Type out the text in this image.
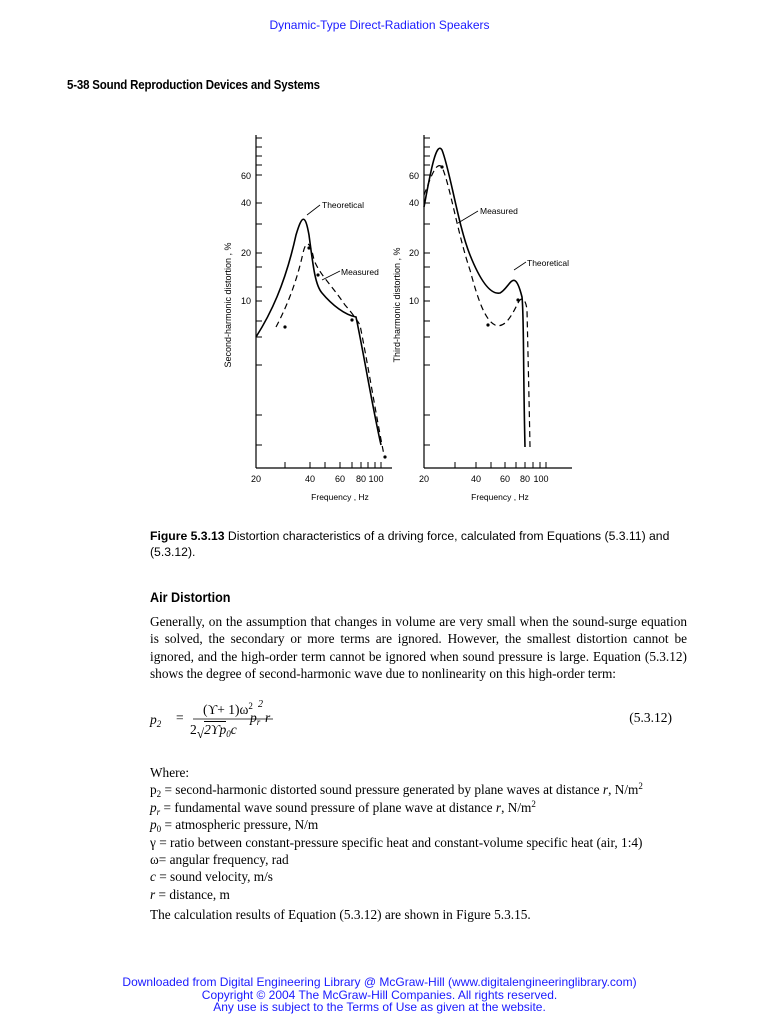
Dynamic-Type Direct-Radiation Speakers
5-38 Sound Reproduction Devices and Systems
60
40
20
10
20	40 60 80 100
Frequency , Hz
Second-harmonic distortion , %
Theoretical
Measured
60
40
20
10
20	40 60 80 100
Frequency , Hz
Third-harmonic distortion , %
Measured
Theoretical
Figure 5.3.13 Distortion characteristics of a driving force, calculated from Equations (5.3.11) and (5.3.12).
Air Distortion
Generally, on the assumption that changes in volume are very small when the sound-surge equation is solved, the secondary or more terms are ignored. However, the smallest distortion cannot be ignored, and the high-order term cannot be ignored when sound pressure is large. Equation (5.3.12) shows the degree of second-harmonic wave due to nonlinearity on this high-order term:
$p_2$ =
$(ϒ+ 1)\omega^2$
$2√2ϒp_0c$
$p_r$
2
r	(5.3.12)
Where:
$p_2$ = second-harmonic distorted sound pressure generated by plane waves at distance r, $N/m^2$
$p_r$ = fundamental wave sound pressure of plane wave at distance r, $N/m^2$
$p_0$ = atmospheric pressure, N/m
γ = ratio between constant-pressure specific heat and constant-volume specific heat (air, 1:4)
ω= angular frequency, rad
c = sound velocity, m/s
r = distance, m
The calculation results of Equation (5.3.12) are shown in Figure 5.3.15.
Downloaded from Digital Engineering Library @ McGraw-Hill (www.digitalengineeringlibrary.com)
Copyright © 2004 The McGraw-Hill Companies. All rights reserved.
Any use is subject to the Terms of Use as given at the website.
